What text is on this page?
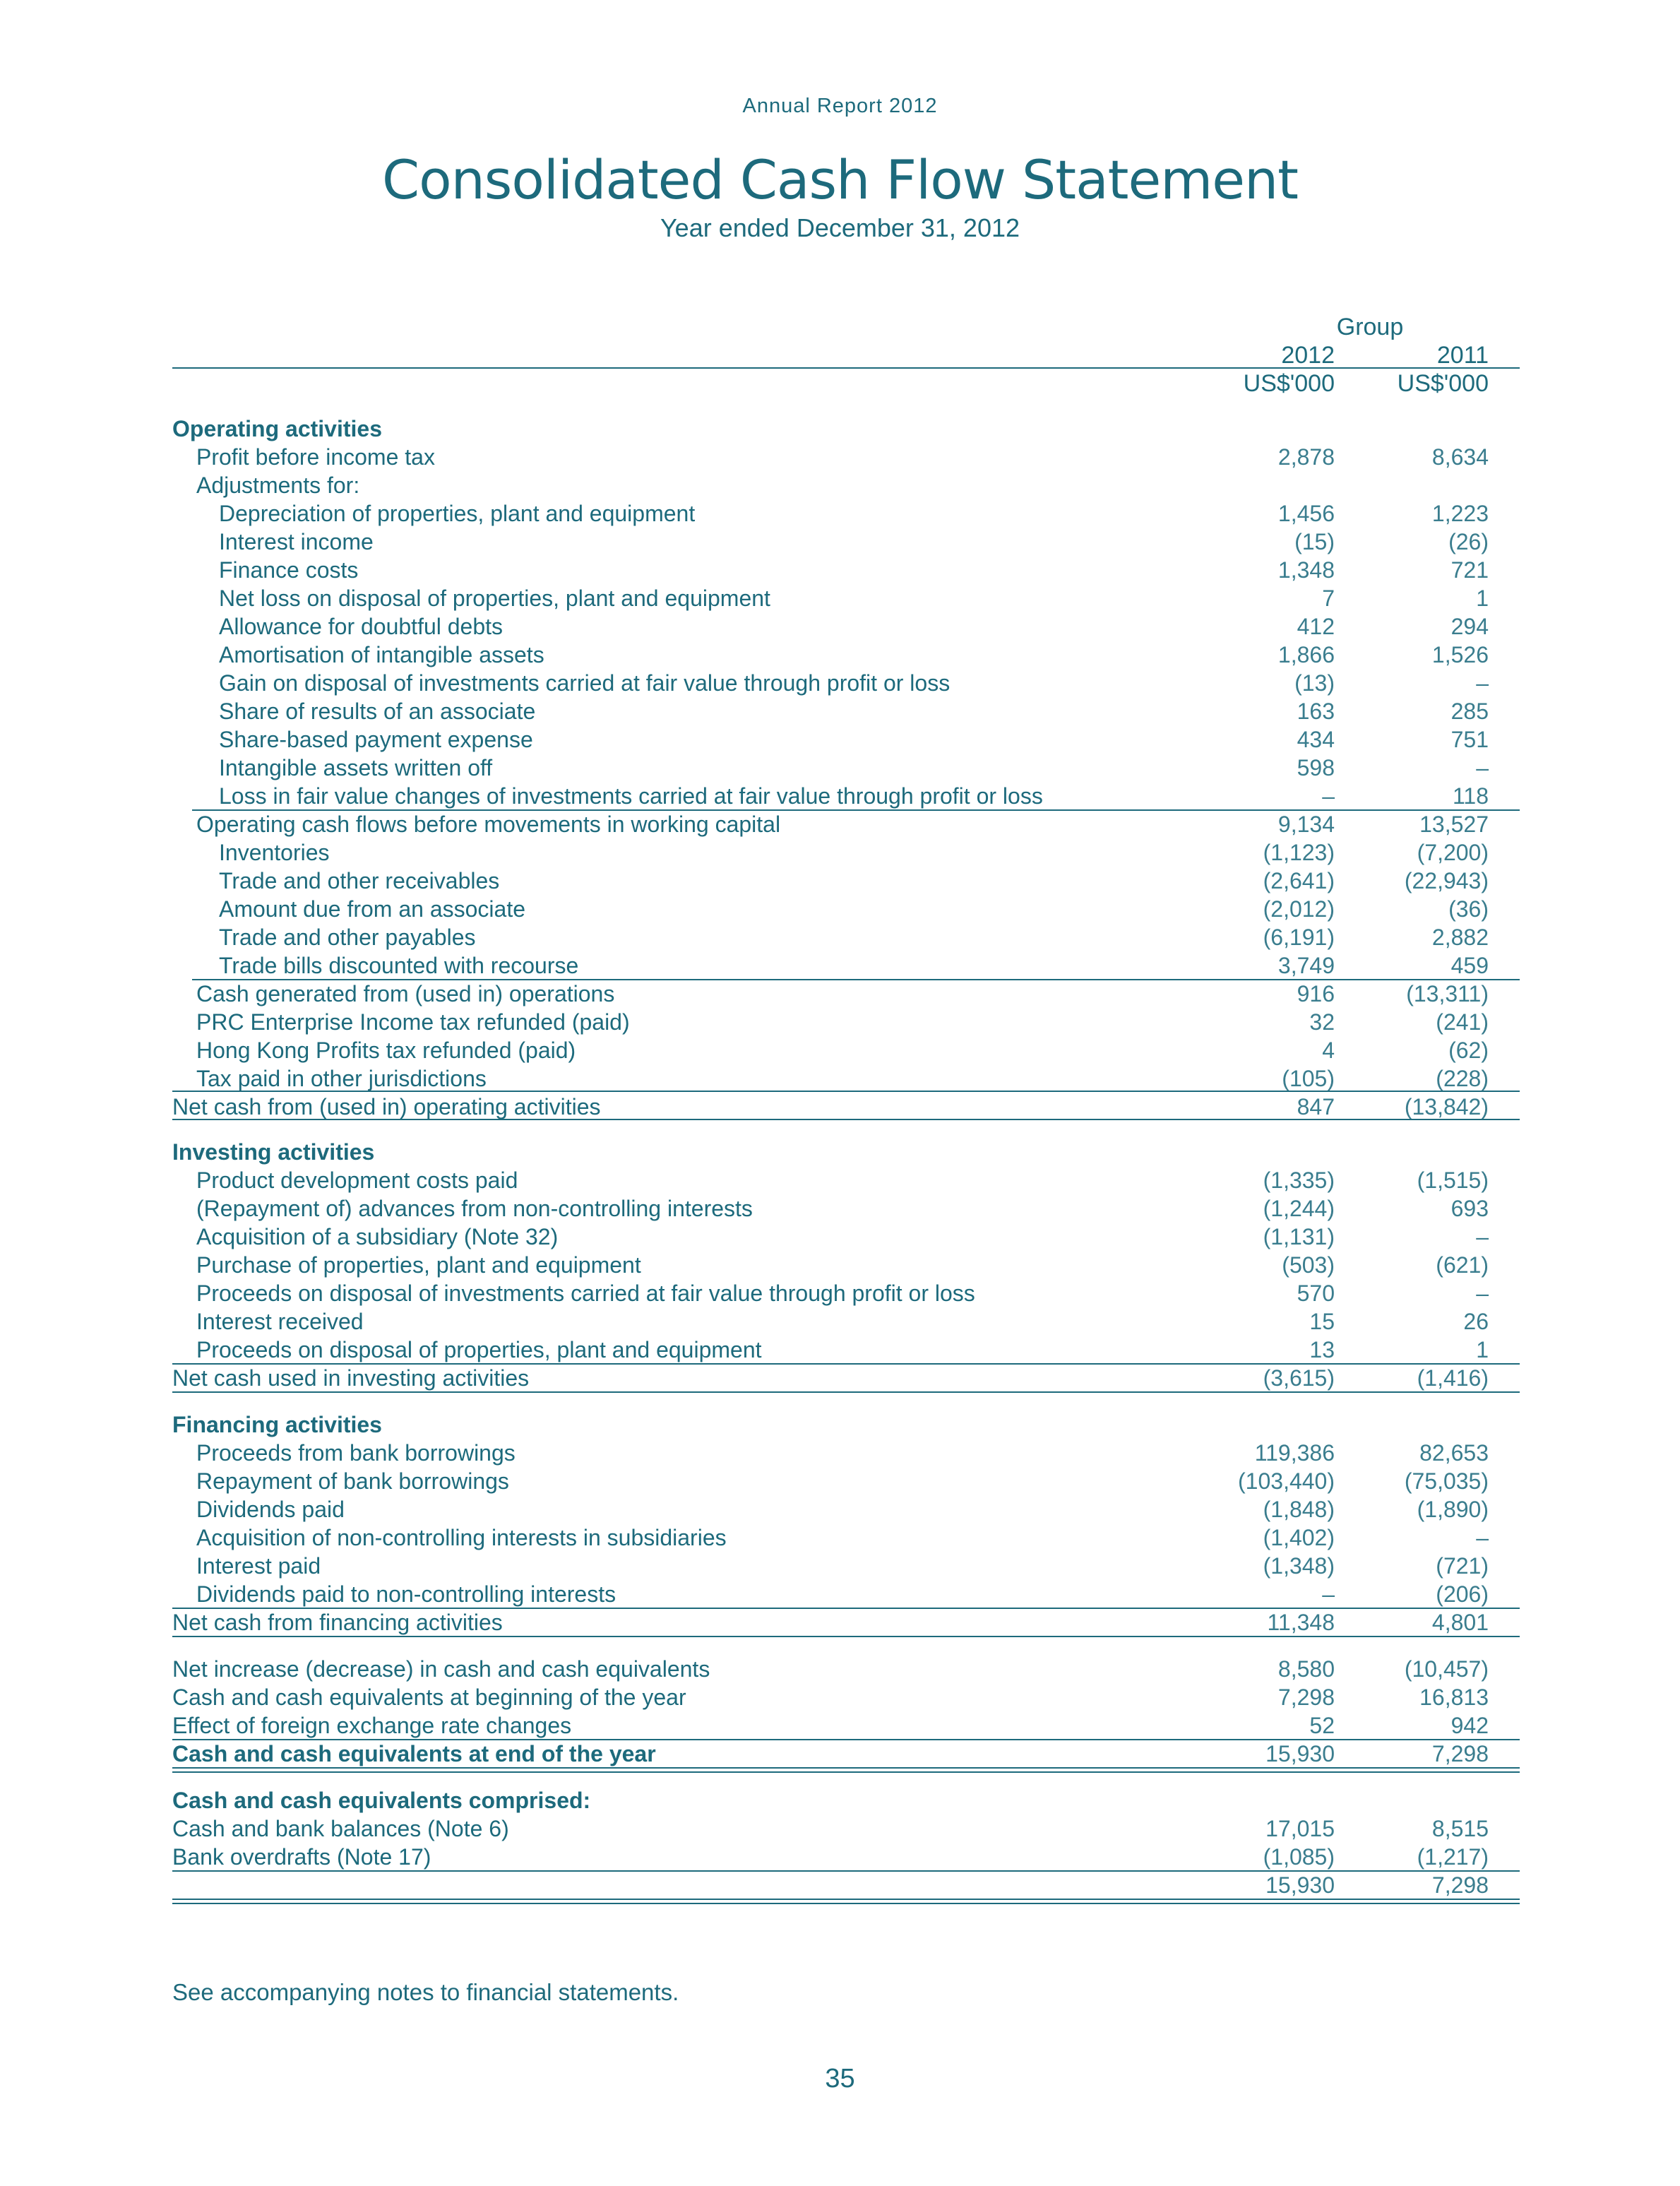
Annual Report 2012
Consolidated Cash Flow Statement
Year ended December 31, 2012
Group
2012	2011
US$'000	US$'000
Operating activities
Profit before income tax	2,878	8,634
Adjustments for:
Depreciation of properties, plant and equipment	1,456	1,223
Interest income	(15)	(26)
Finance costs	1,348	721
Net loss on disposal of properties, plant and equipment	7	1
Allowance for doubtful debts	412	294
Amortisation of intangible assets	1,866	1,526
Gain on disposal of investments carried at fair value through profit or loss	(13)	–
Share of results of an associate	163	285
Share-based payment expense	434	751
Intangible assets written off	598	–
Loss in fair value changes of investments carried at fair value through profit or loss	–	118
Operating cash flows before movements in working capital	9,134	13,527
Inventories	(1,123)	(7,200)
Trade and other receivables	(2,641)	(22,943)
Amount due from an associate	(2,012)	(36)
Trade and other payables	(6,191)	2,882
Trade bills discounted with recourse	3,749	459
Cash generated from (used in) operations	916	(13,311)
PRC Enterprise Income tax refunded (paid)	32	(241)
Hong Kong Profits tax refunded (paid)	4	(62)
Tax paid in other jurisdictions	(105)	(228)
Net cash from (used in) operating activities	847	(13,842)
Investing activities
Product development costs paid	(1,335)	(1,515)
(Repayment of) advances from non-controlling interests	(1,244)	693
Acquisition of a subsidiary (Note 32)	(1,131)	–
Purchase of properties, plant and equipment	(503)	(621)
Proceeds on disposal of investments carried at fair value through profit or loss	570	–
Interest received	15	26
Proceeds on disposal of properties, plant and equipment	13	1
Net cash used in investing activities	(3,615)	(1,416)
Financing activities
Proceeds from bank borrowings	119,386	82,653
Repayment of bank borrowings	(103,440)	(75,035)
Dividends paid	(1,848)	(1,890)
Acquisition of non-controlling interests in subsidiaries	(1,402)	–
Interest paid	(1,348)	(721)
Dividends paid to non-controlling interests	–	(206)
Net cash from financing activities	11,348	4,801
Net increase (decrease) in cash and cash equivalents	8,580	(10,457)
Cash and cash equivalents at beginning of the year	7,298	16,813
Effect of foreign exchange rate changes	52	942
Cash and cash equivalents at end of the year	15,930	7,298
Cash and cash equivalents comprised:
Cash and bank balances (Note 6)	17,015	8,515
Bank overdrafts (Note 17)	(1,085)	(1,217)
15,930	7,298
See accompanying notes to financial statements.
35
